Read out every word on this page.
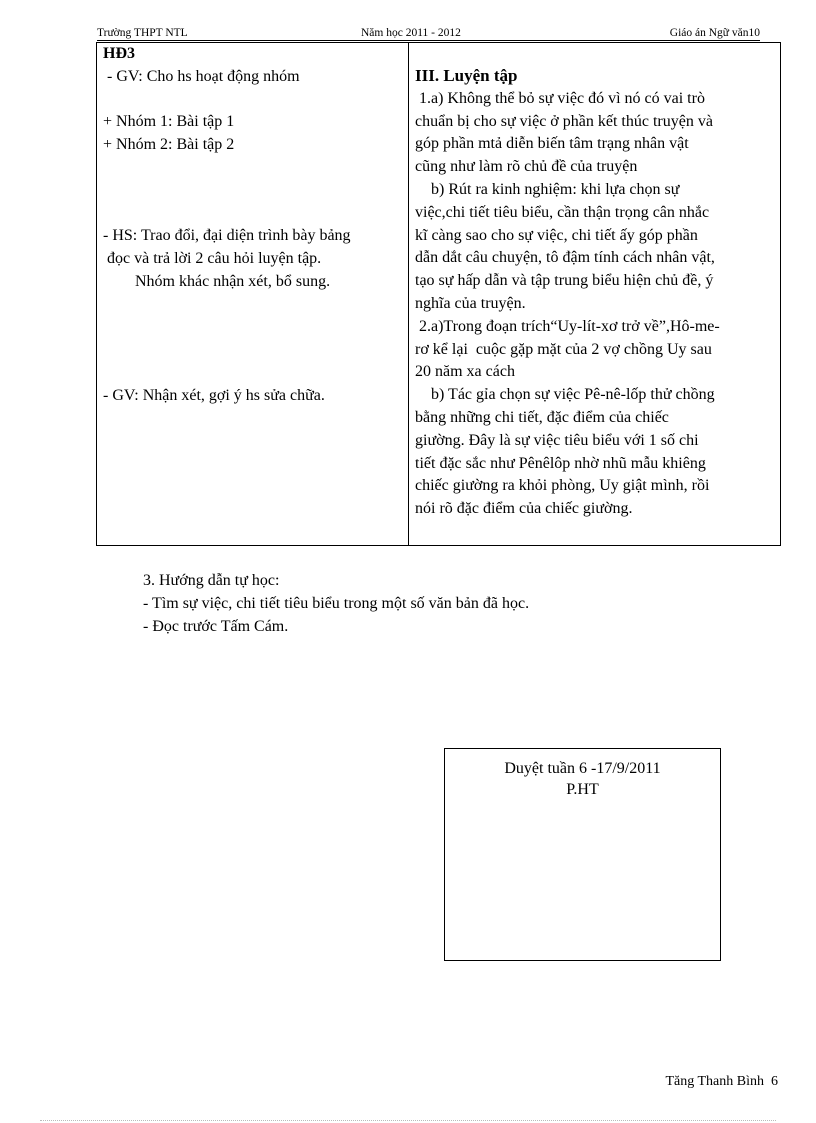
Trường THPT NTL	Năm học 2011 - 2012	Giáo án Ngữ văn10
HĐ3
- GV: Cho hs hoạt động nhóm
+ Nhóm 1: Bài tập 1
+ Nhóm 2: Bài tập 2
- HS: Trao đổi, đại diện trình bày bảng
đọc và trả lời 2 câu hỏi luyện tập.
Nhóm khác nhận xét, bổ sung.
- GV: Nhận xét, gợi ý hs sửa chữa.
III. Luyện tập
1.a) Không thể bỏ sự việc đó vì nó có vai trò
chuẩn bị cho sự việc ở phần kết thúc truyện và
góp phần mtả diễn biến tâm trạng nhân vật
cũng như làm rõ chủ đề của truyện
b) Rút ra kinh nghiệm: khi lựa chọn sự
việc,chi tiết tiêu biểu, cần thận trọng cân nhắc
kĩ càng sao cho sự việc, chi tiết ấy góp phần
dẫn dắt câu chuyện, tô đậm tính cách nhân vật,
tạo sự hấp dẫn và tập trung biểu hiện chủ đề, ý
nghĩa của truyện.
2.a)Trong đoạn trích“Uy-lít-xơ trở về”,Hô-me-
rơ kể lại  cuộc gặp mặt của 2 vợ chồng Uy sau
20 năm xa cách
b) Tác gỉa chọn sự việc Pê-nê-lốp thử chồng
bằng những chi tiết, đặc điểm của chiếc
giường. Đây là sự việc tiêu biểu với 1 số chi
tiết đặc sắc như Pênêlôp nhờ nhũ mẫu khiêng
chiếc giường ra khỏi phòng, Uy giật mình, rồi
nói rõ đặc điểm của chiếc giường.
3. Hướng dẫn tự học:
- Tìm sự việc, chi tiết tiêu biểu trong một số văn bản đã học.
- Đọc trước Tấm Cám.
Duyệt tuần 6 -17/9/2011
P.HT
Tăng Thanh Bình  6
